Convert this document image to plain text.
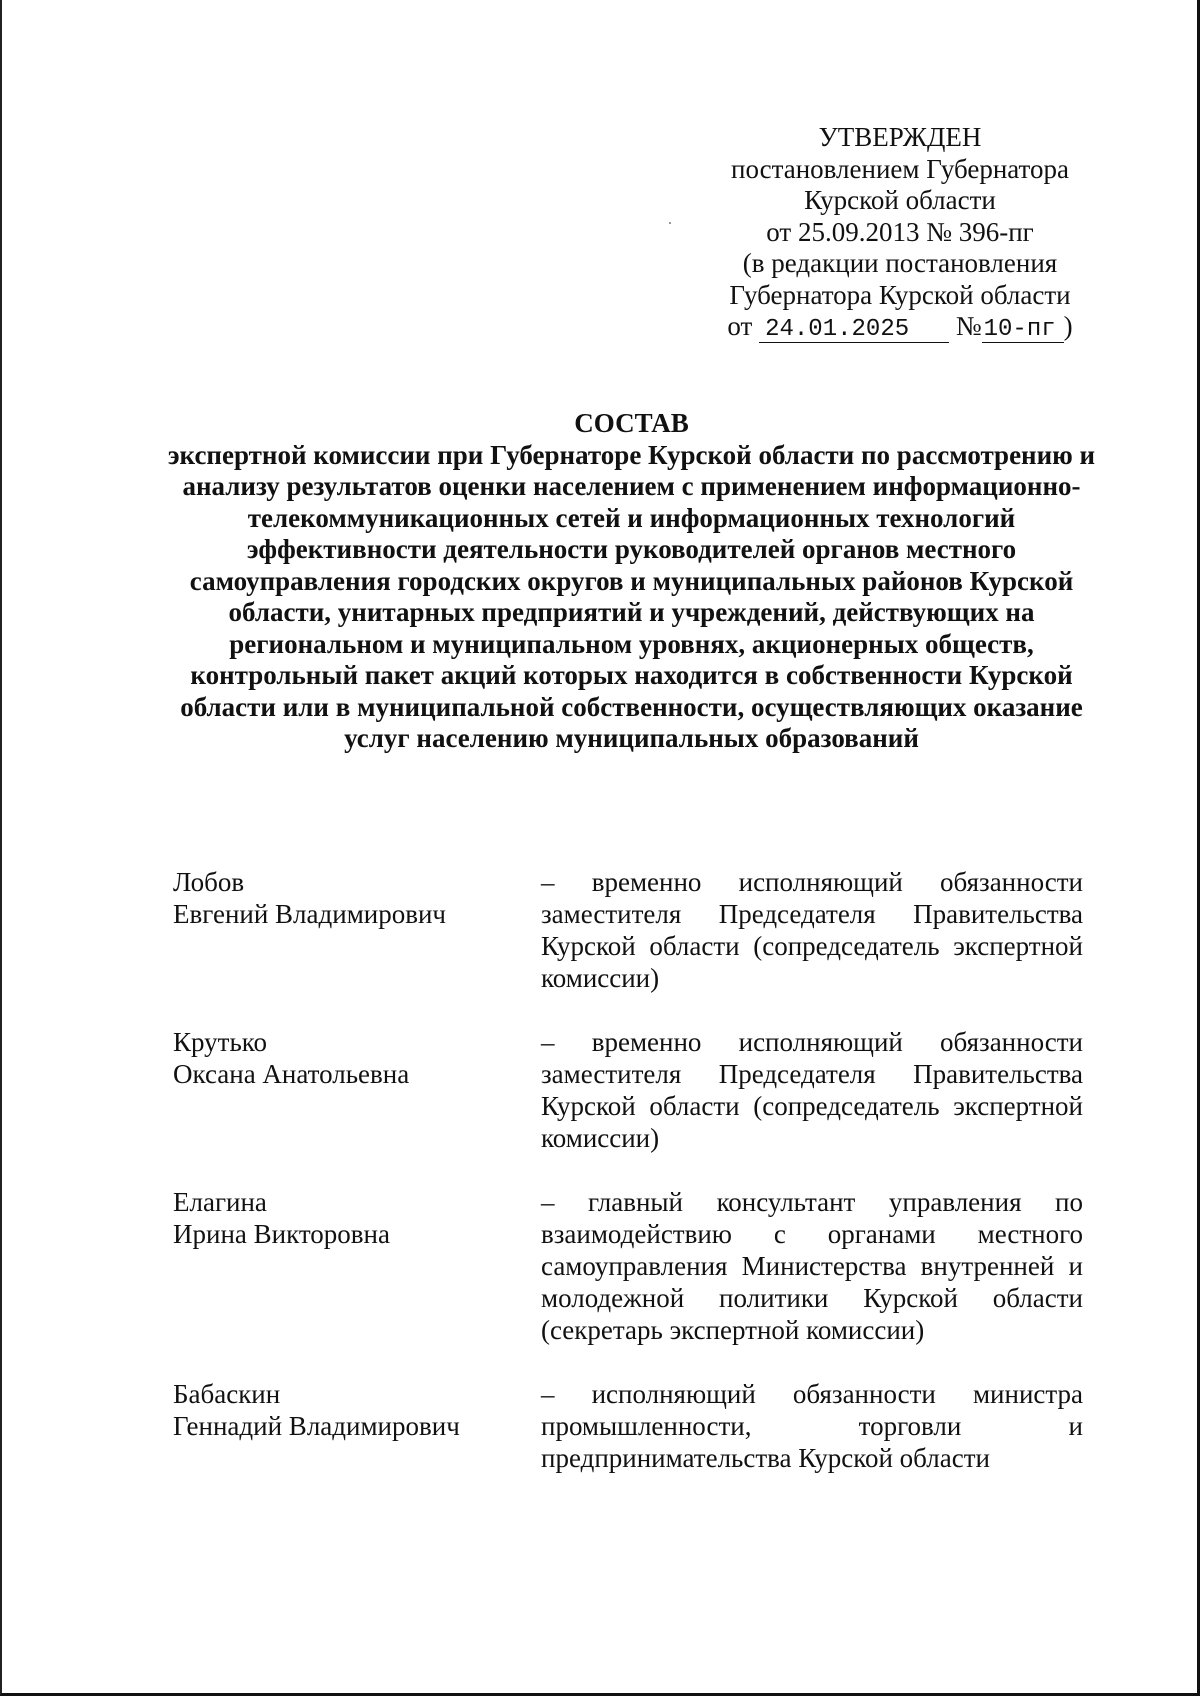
УТВЕРЖДЕН
постановлением Губернатора
Курской области
от 25.09.2013 № 396-пг
(в редакции постановления
Губернатора Курской области
от 24.01.2025 №10-пг )
СОСТАВ
экспертной комиссии при Губернаторе Курской области по рассмотрению и анализу результатов оценки населением с применением информационно-телекоммуникационных сетей и информационных технологий эффективности деятельности руководителей органов местного самоуправления городских округов и муниципальных районов Курской области, унитарных предприятий и учреждений, действующих на региональном и муниципальном уровнях, акционерных обществ, контрольный пакет акций которых находится в собственности Курской области или в муниципальной собственности, осуществляющих оказание услуг населению муниципальных образований
Лобов
Евгений Владимирович
– временно исполняющий обязанности заместителя Председателя Правительства Курской области (сопредседатель экспертной комиссии)
Крутько
Оксана Анатольевна
– временно исполняющий обязанности заместителя Председателя Правительства Курской области (сопредседатель экспертной комиссии)
Елагина
Ирина Викторовна
– главный консультант управления по взаимодействию с органами местного самоуправления Министерства внутренней и молодежной политики Курской области (секретарь экспертной комиссии)
Бабаскин
Геннадий Владимирович
– исполняющий обязанности министра промышленности, торговли и предпринимательства Курской области
